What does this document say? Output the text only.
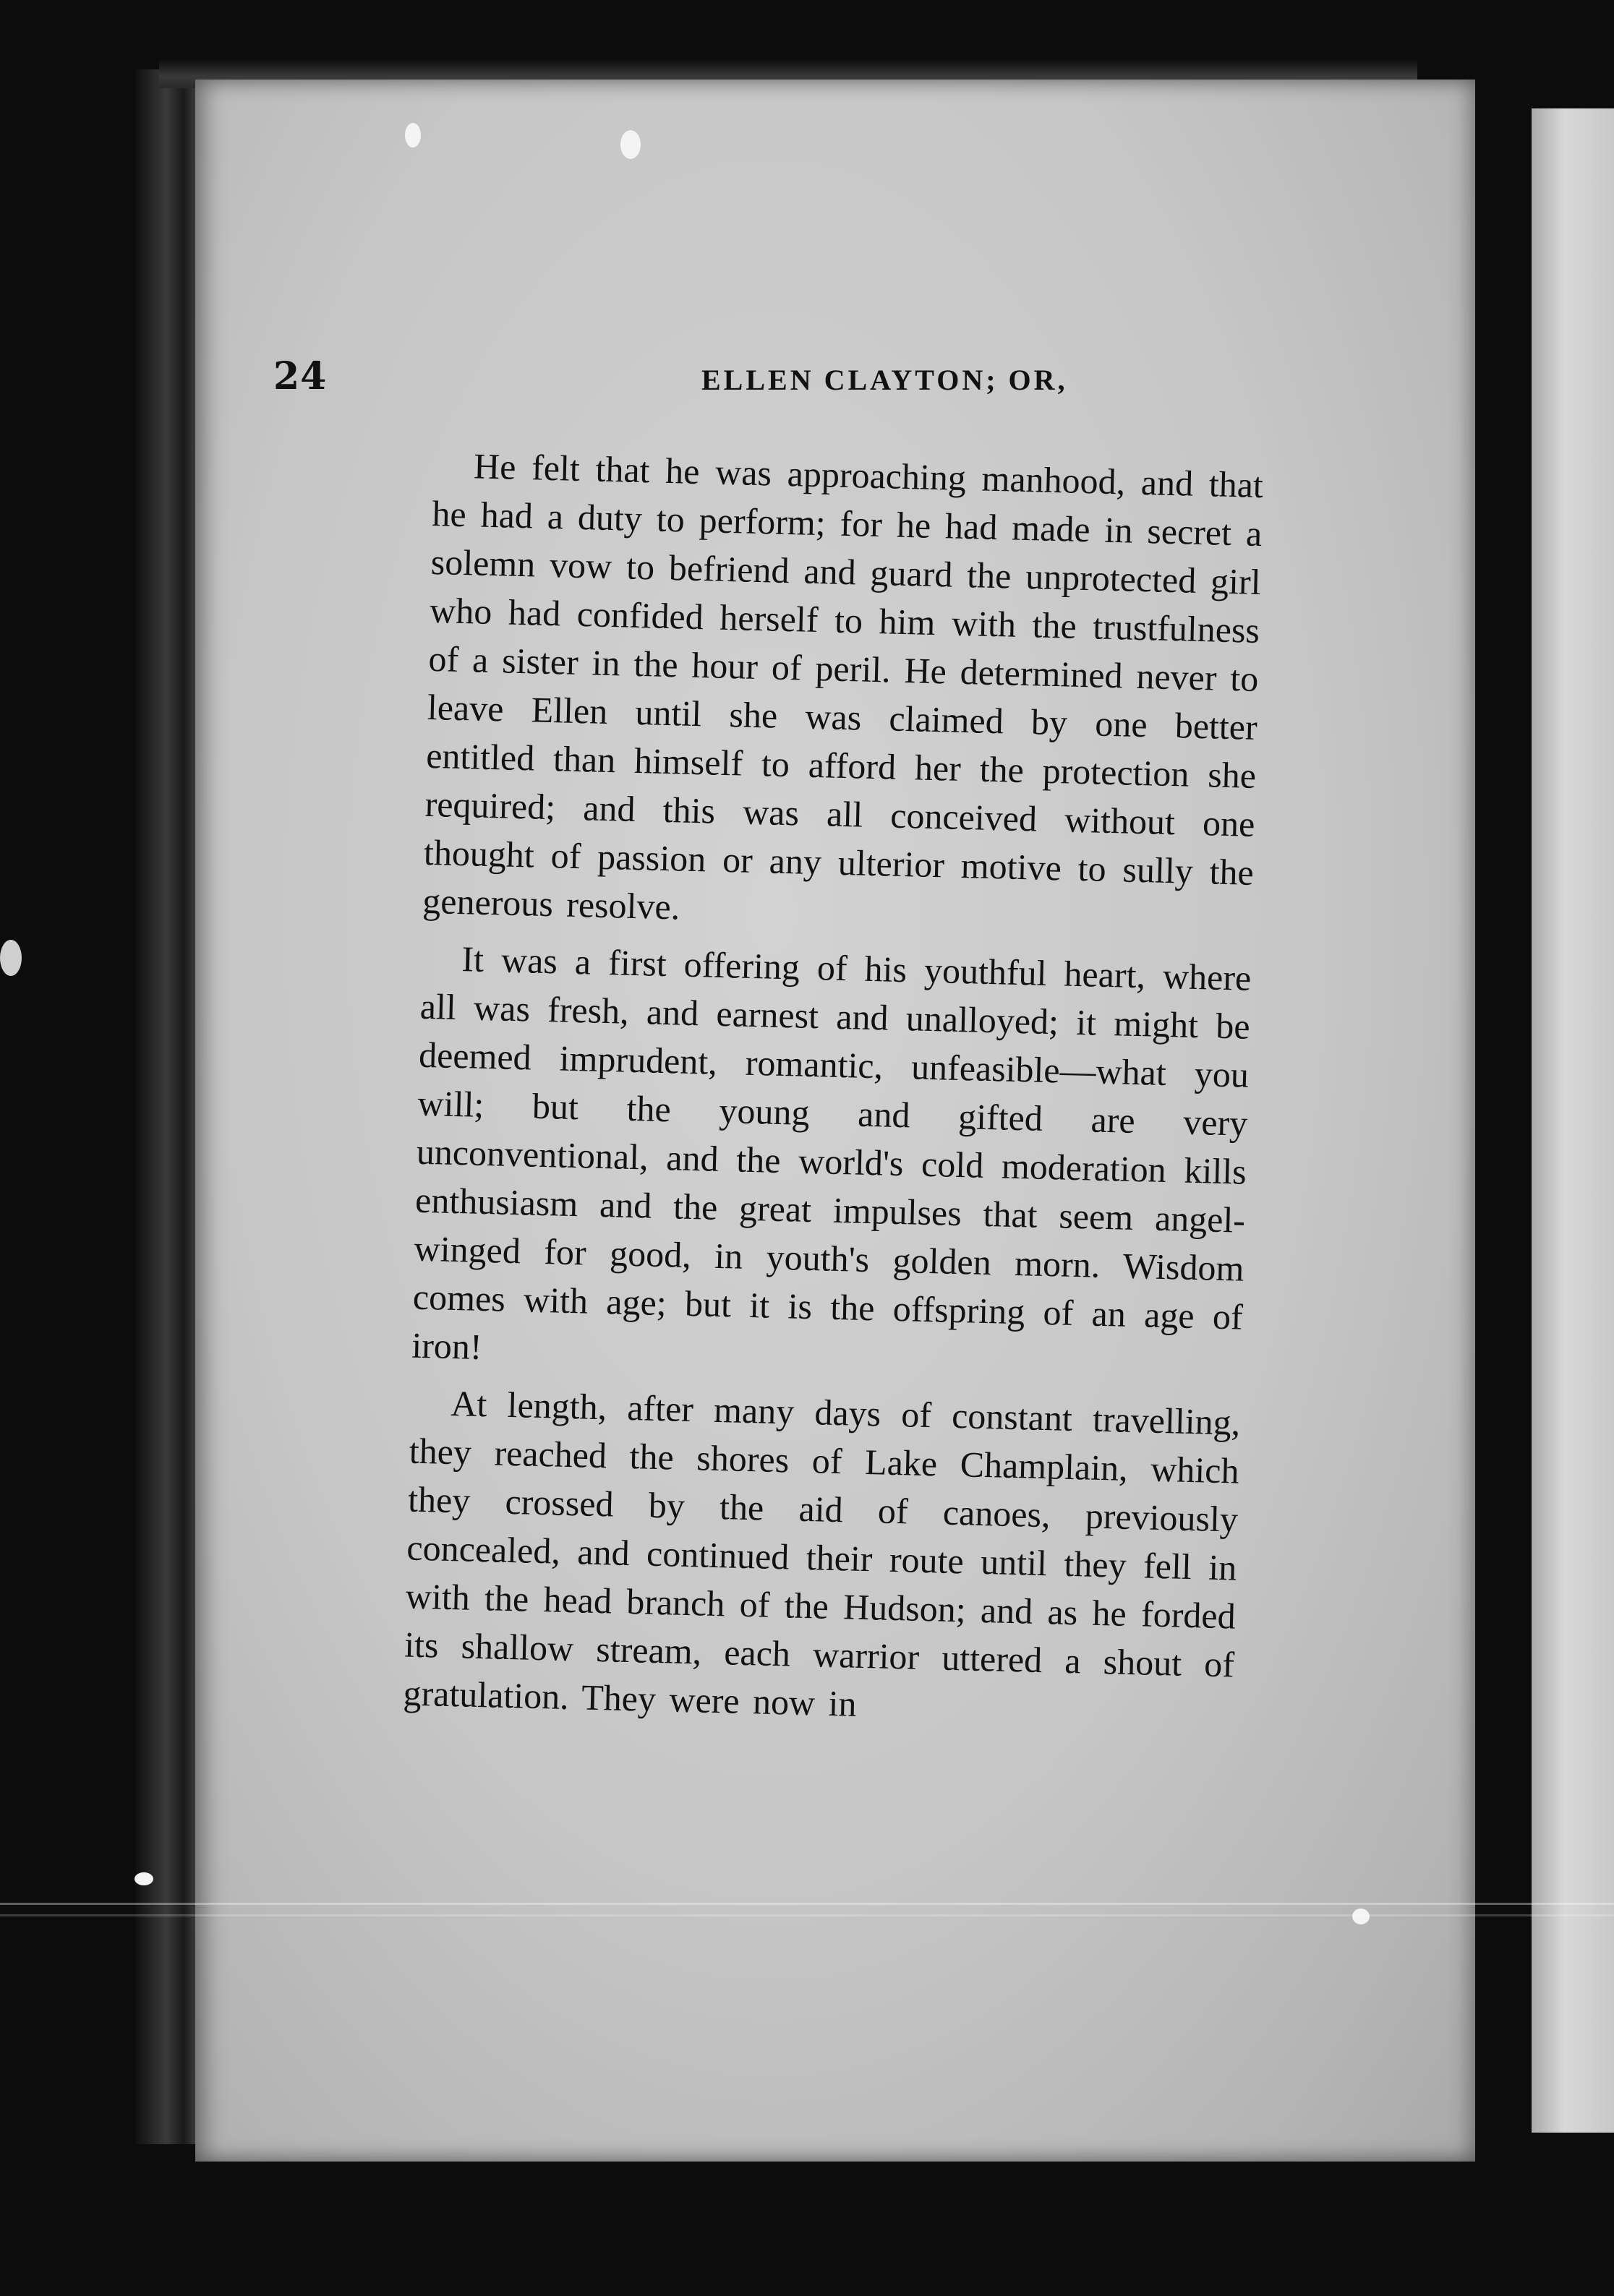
24	ELLEN CLAYTON; OR,

He felt that he was approaching manhood, and that he had a duty to perform; for he had made in secret a solemn vow to befriend and guard the unprotected girl who had confided herself to him with the trustfulness of a sister in the hour of peril. He determined never to leave Ellen until she was claimed by one better entitled than himself to afford her the protection she required; and this was all conceived without one thought of passion or any ulterior motive to sully the generous resolve.

It was a first offering of his youthful heart, where all was fresh, and earnest and unalloyed; it might be deemed imprudent, romantic, unfeasible—what you will; but the young and gifted are very unconventional, and the world's cold moderation kills enthusiasm and the great impulses that seem angel-winged for good, in youth's golden morn. Wisdom comes with age; but it is the offspring of an age of iron!

At length, after many days of constant travelling, they reached the shores of Lake Champlain, which they crossed by the aid of canoes, previously concealed, and continued their route until they fell in with the head branch of the Hudson; and as he forded its shallow stream, each warrior uttered a shout of gratulation. They were now in
